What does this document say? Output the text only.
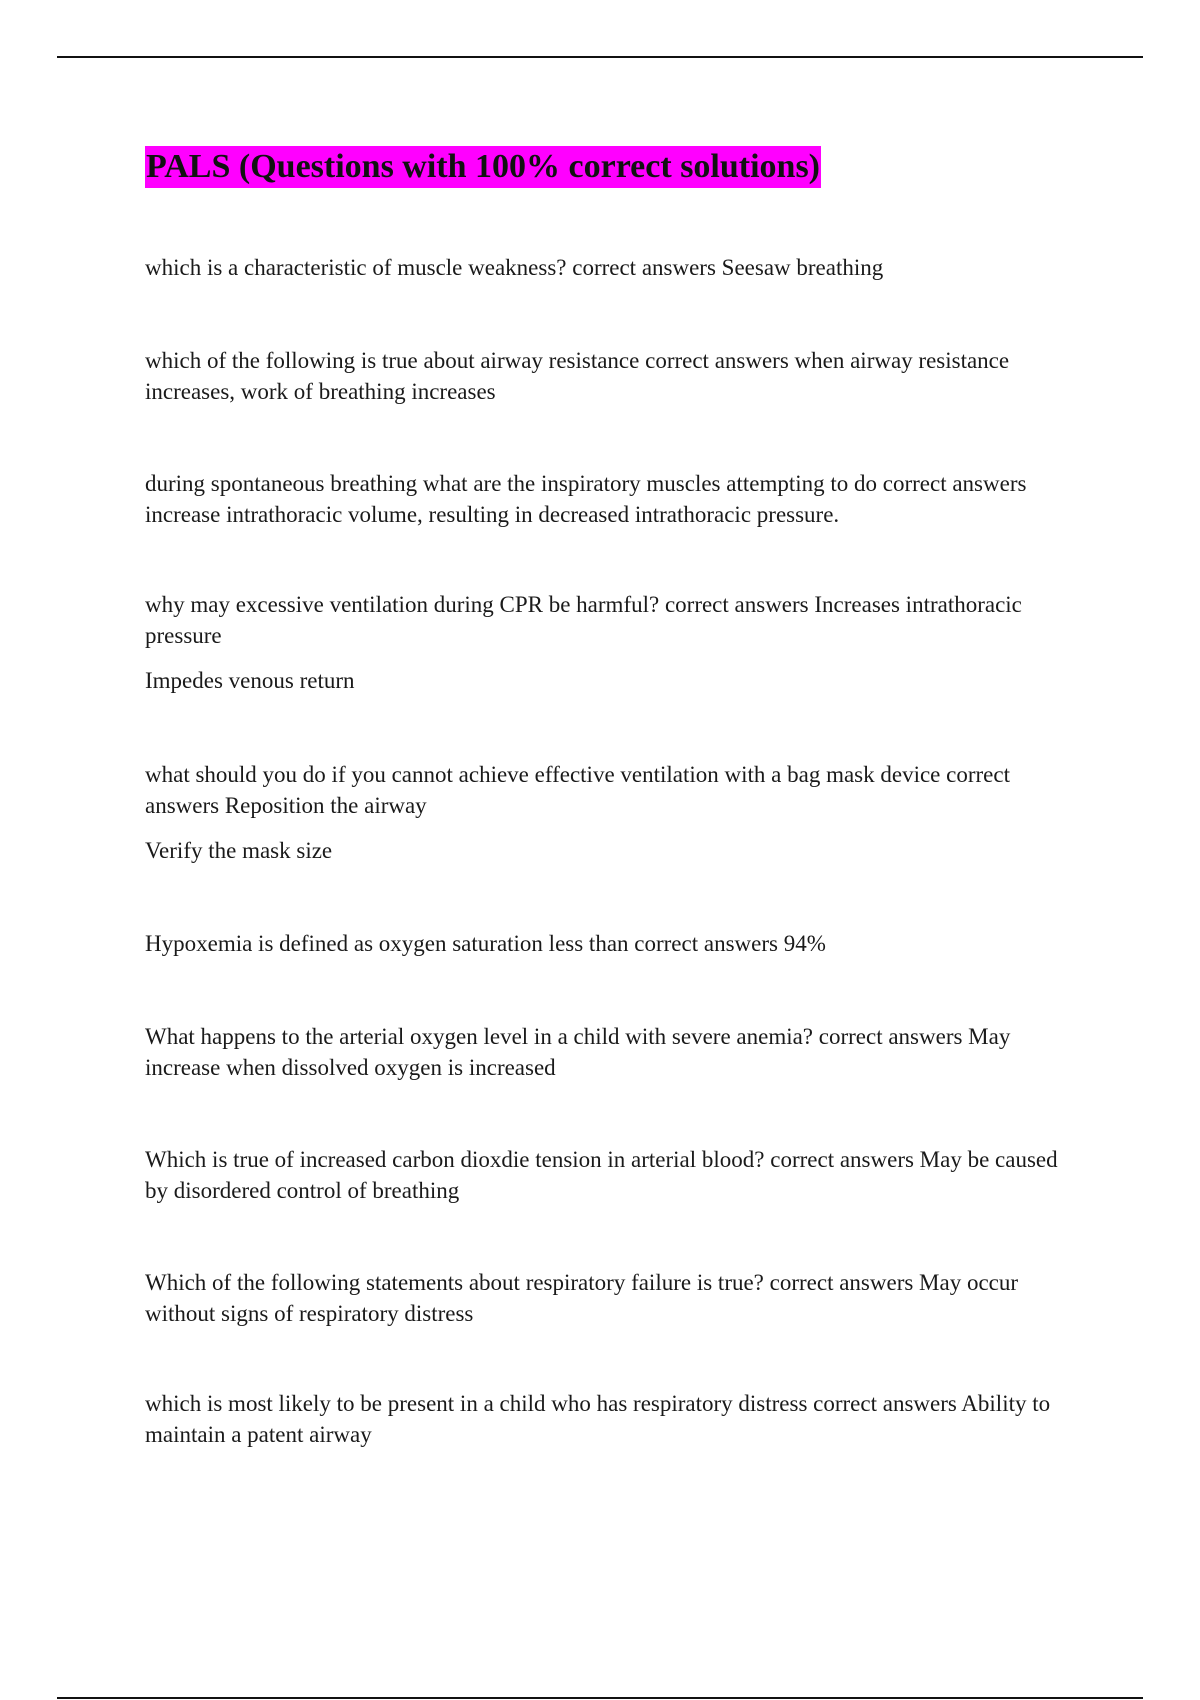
PALS (Questions with 100% correct solutions)

which is a characteristic of muscle weakness? correct answers Seesaw breathing

which of the following is true about airway resistance correct answers when airway resistance increases, work of breathing increases

during spontaneous breathing what are the inspiratory muscles attempting to do correct answers increase intrathoracic volume, resulting in decreased intrathoracic pressure.

why may excessive ventilation during CPR be harmful? correct answers Increases intrathoracic pressure

Impedes venous return

what should you do if you cannot achieve effective ventilation with a bag mask device correct answers Reposition the airway

Verify the mask size

Hypoxemia is defined as oxygen saturation less than correct answers 94%

What happens to the arterial oxygen level in a child with severe anemia? correct answers May increase when dissolved oxygen is increased

Which is true of increased carbon dioxdie tension in arterial blood? correct answers May be caused by disordered control of breathing

Which of the following statements about respiratory failure is true? correct answers May occur without signs of respiratory distress

which is most likely to be present in a child who has respiratory distress correct answers Ability to maintain a patent airway
